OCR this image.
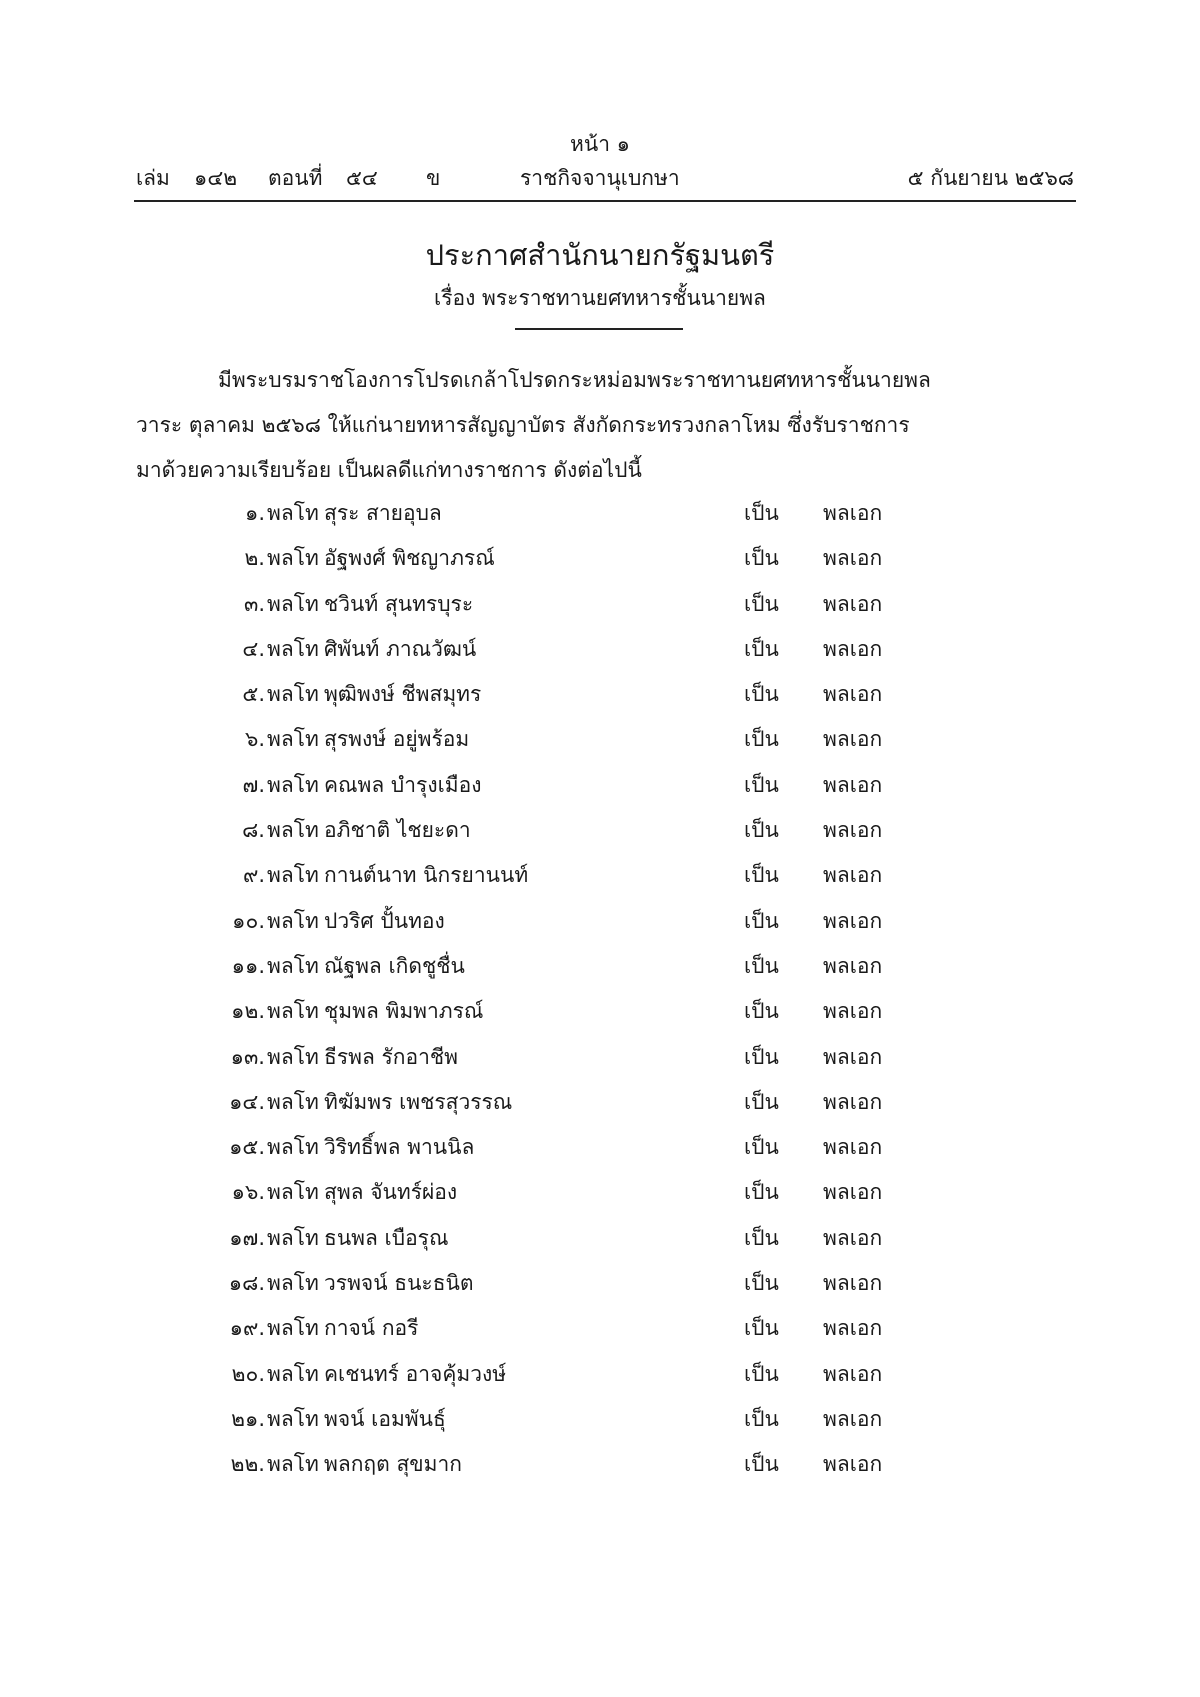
หน้า ๑
เล่ม ๑๔๒ ตอนที่ ๕๔ ข	ราชกิจจานุเบกษา	๕ กันยายน ๒๕๖๘
ประกาศสำนักนายกรัฐมนตรี
เรื่อง พระราชทานยศทหารชั้นนายพล
มีพระบรมราชโองการโปรดเกล้าโปรดกระหม่อมพระราชทานยศทหารชั้นนายพล
วาระ ตุลาคม ๒๕๖๘ ให้แก่นายทหารสัญญาบัตร สังกัดกระทรวงกลาโหม ซึ่งรับราชการ
มาด้วยความเรียบร้อย เป็นผลดีแก่ทางราชการ ดังต่อไปนี้
๑. พลโท สุระ สายอุบล	เป็น พลเอก
๒. พลโท อัฐพงศ์ พิชญาภรณ์	เป็น พลเอก
๓. พลโท ชวินท์ สุนทรบุระ	เป็น พลเอก
๔. พลโท ศิพันท์ ภาณวัฒน์	เป็น พลเอก
๕. พลโท พุฒิพงษ์ ชีพสมุทร	เป็น พลเอก
๖. พลโท สุรพงษ์ อยู่พร้อม	เป็น พลเอก
๗. พลโท คณพล บำรุงเมือง	เป็น พลเอก
๘. พลโท อภิชาติ ไชยะดา	เป็น พลเอก
๙. พลโท กานต์นาท นิกรยานนท์	เป็น พลเอก
๑๐. พลโท ปวริศ ปั้นทอง	เป็น พลเอก
๑๑. พลโท ณัฐพล เกิดชูชื่น	เป็น พลเอก
๑๒. พลโท ชุมพล พิมพาภรณ์	เป็น พลเอก
๑๓. พลโท ธีรพล รักอาชีพ	เป็น พลเอก
๑๔. พลโท ทิฆัมพร เพชรสุวรรณ	เป็น พลเอก
๑๕. พลโท วิริทธิ์พล พานนิล	เป็น พลเอก
๑๖. พลโท สุพล จันทร์ผ่อง	เป็น พลเอก
๑๗. พลโท ธนพล เบือรุณ	เป็น พลเอก
๑๘. พลโท วรพจน์ ธนะธนิต	เป็น พลเอก
๑๙. พลโท กาจน์ กอรี	เป็น พลเอก
๒๐. พลโท คเชนทร์ อาจคุ้มวงษ์	เป็น พลเอก
๒๑. พลโท พจน์ เอมพันธุ์	เป็น พลเอก
๒๒. พลโท พลกฤต สุขมาก	เป็น พลเอก
